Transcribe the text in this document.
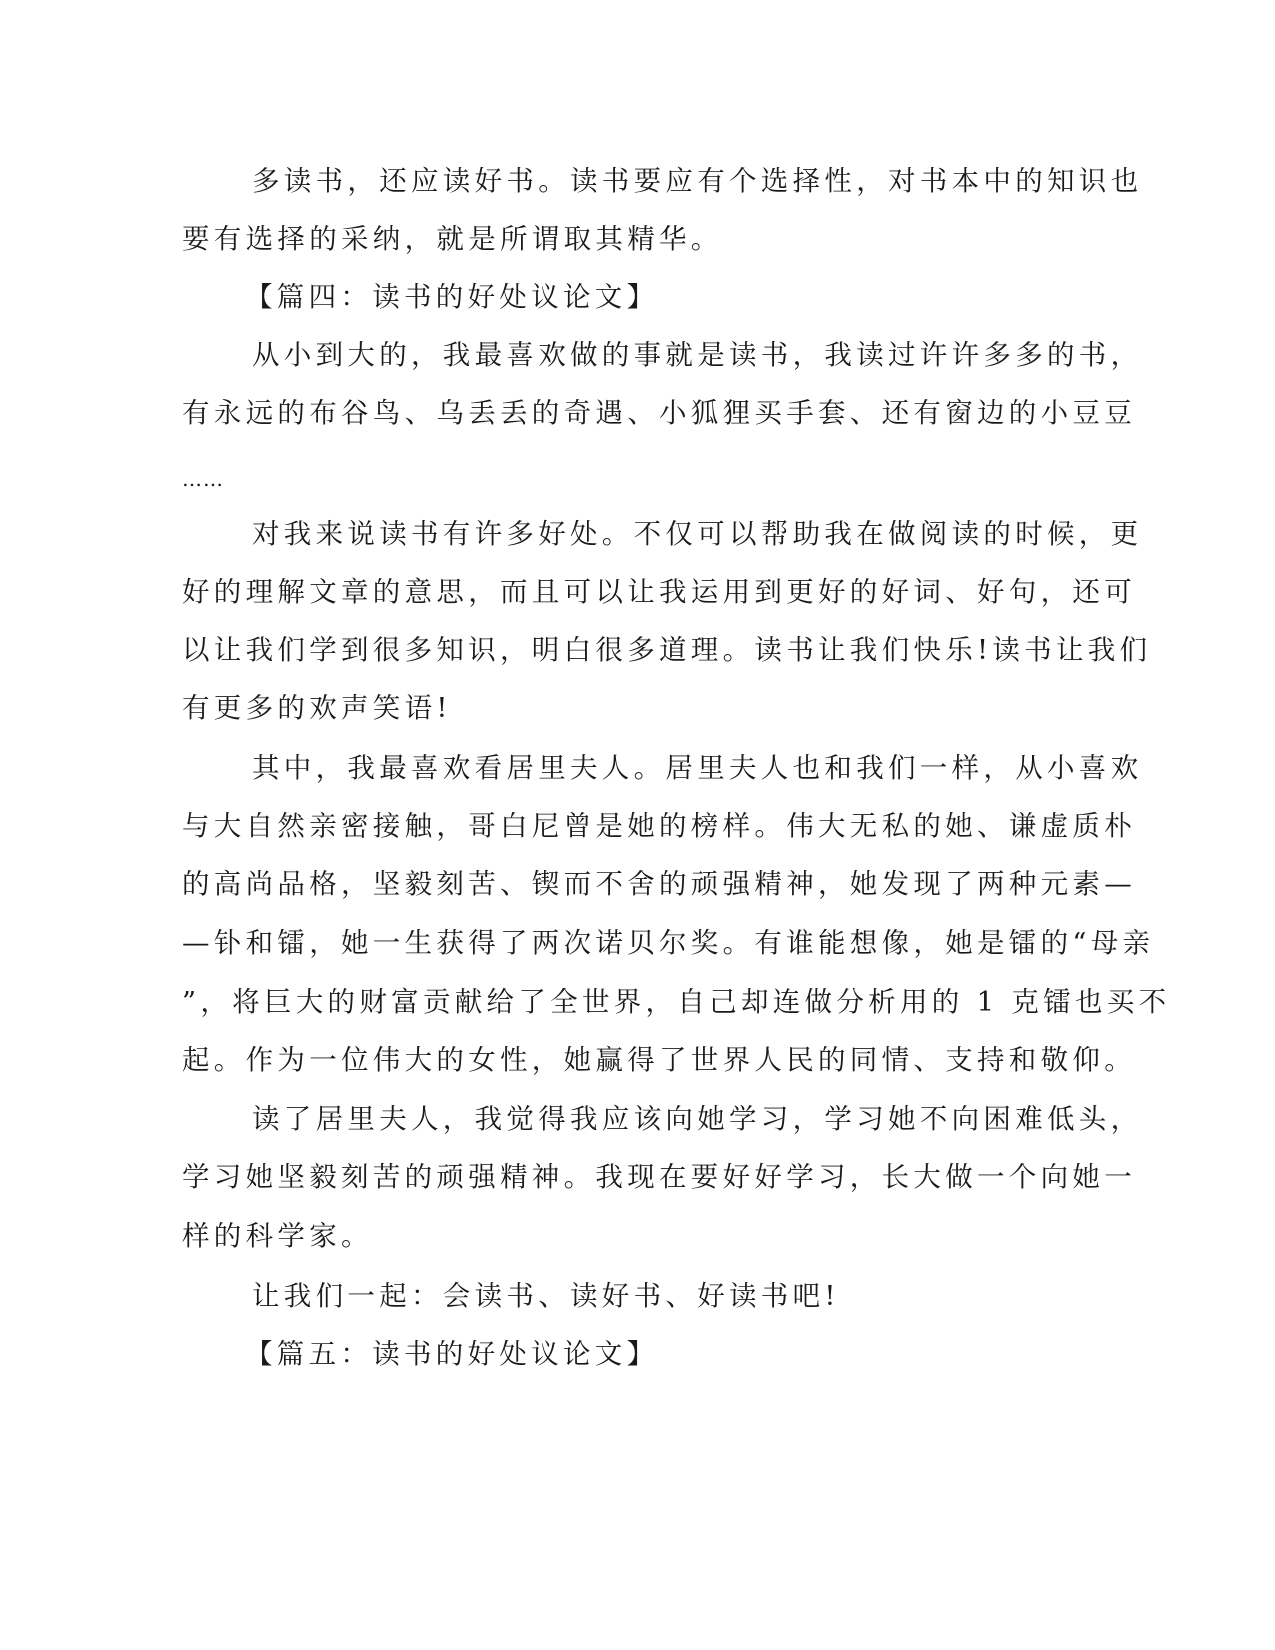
多读书，还应读好书。读书要应有个选择性，对书本中的知识也
要有选择的采纳，就是所谓取其精华。
【篇四：读书的好处议论文】
从小到大的，我最喜欢做的事就是读书，我读过许许多多的书，
有永远的布谷鸟、乌丢丢的奇遇、小狐狸买手套、还有窗边的小豆豆
……
对我来说读书有许多好处。不仅可以帮助我在做阅读的时候，更
好的理解文章的意思，而且可以让我运用到更好的好词、好句，还可
以让我们学到很多知识，明白很多道理。读书让我们快乐!读书让我们
有更多的欢声笑语!
其中，我最喜欢看居里夫人。居里夫人也和我们一样，从小喜欢
与大自然亲密接触，哥白尼曾是她的榜样。伟大无私的她、谦虚质朴
的高尚品格，坚毅刻苦、锲而不舍的顽强精神，她发现了两种元素—
—钋和镭，她一生获得了两次诺贝尔奖。有谁能想像，她是镭的“母亲
”，将巨大的财富贡献给了全世界，自己却连做分析用的 1 克镭也买不
起。作为一位伟大的女性，她赢得了世界人民的同情、支持和敬仰。
读了居里夫人，我觉得我应该向她学习，学习她不向困难低头，
学习她坚毅刻苦的顽强精神。我现在要好好学习，长大做一个向她一
样的科学家。
让我们一起：会读书、读好书、好读书吧!
【篇五：读书的好处议论文】
